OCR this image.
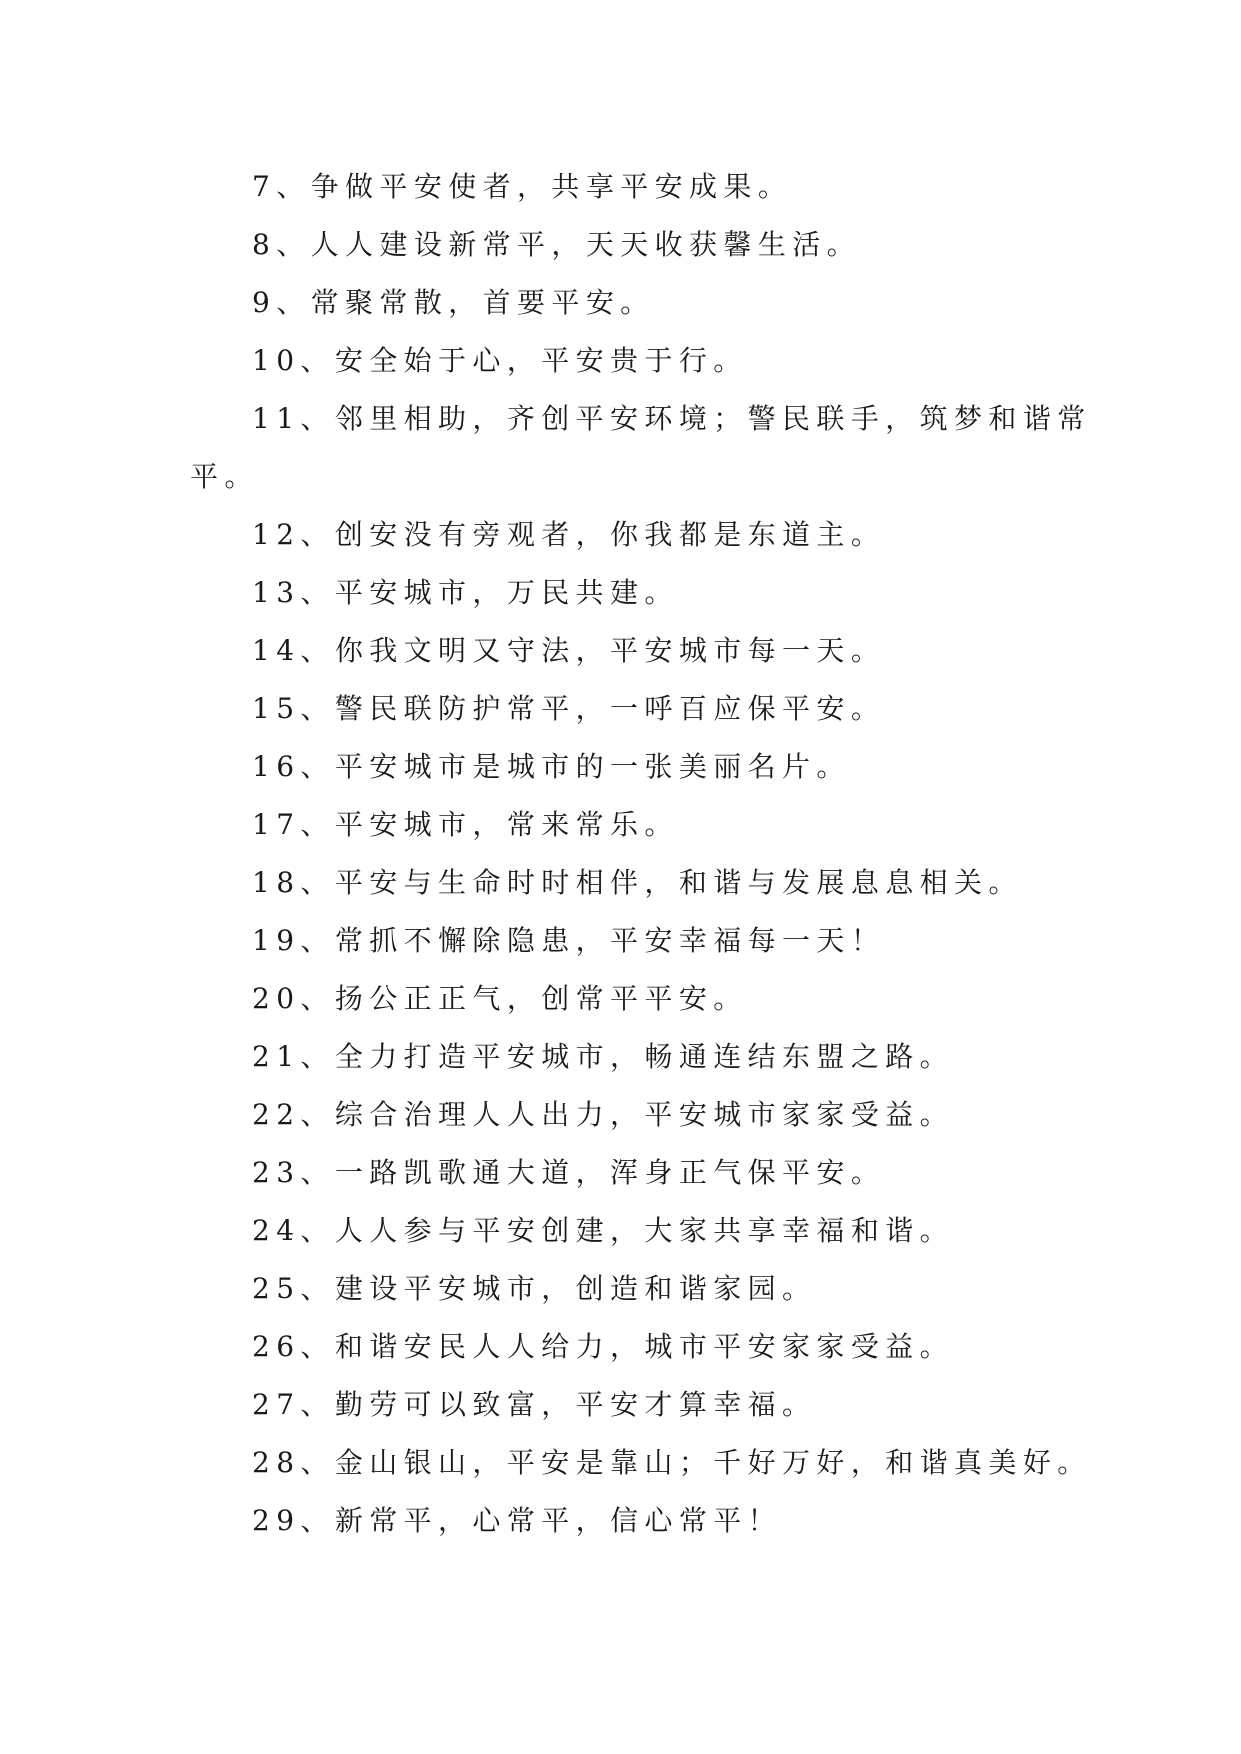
7、争做平安使者，共享平安成果。
8、人人建设新常平，天天收获馨生活。
9、常聚常散，首要平安。
10、安全始于心，平安贵于行。
11、邻里相助，齐创平安环境；警民联手，筑梦和谐常
平。
12、创安没有旁观者，你我都是东道主。
13、平安城市，万民共建。
14、你我文明又守法，平安城市每一天。
15、警民联防护常平，一呼百应保平安。
16、平安城市是城市的一张美丽名片。
17、平安城市，常来常乐。
18、平安与生命时时相伴，和谐与发展息息相关。
19、常抓不懈除隐患，平安幸福每一天！
20、扬公正正气，创常平平安。
21、全力打造平安城市，畅通连结东盟之路。
22、综合治理人人出力，平安城市家家受益。
23、一路凯歌通大道，浑身正气保平安。
24、人人参与平安创建，大家共享幸福和谐。
25、建设平安城市，创造和谐家园。
26、和谐安民人人给力，城市平安家家受益。
27、勤劳可以致富，平安才算幸福。
28、金山银山，平安是靠山；千好万好，和谐真美好。
29、新常平，心常平，信心常平！
